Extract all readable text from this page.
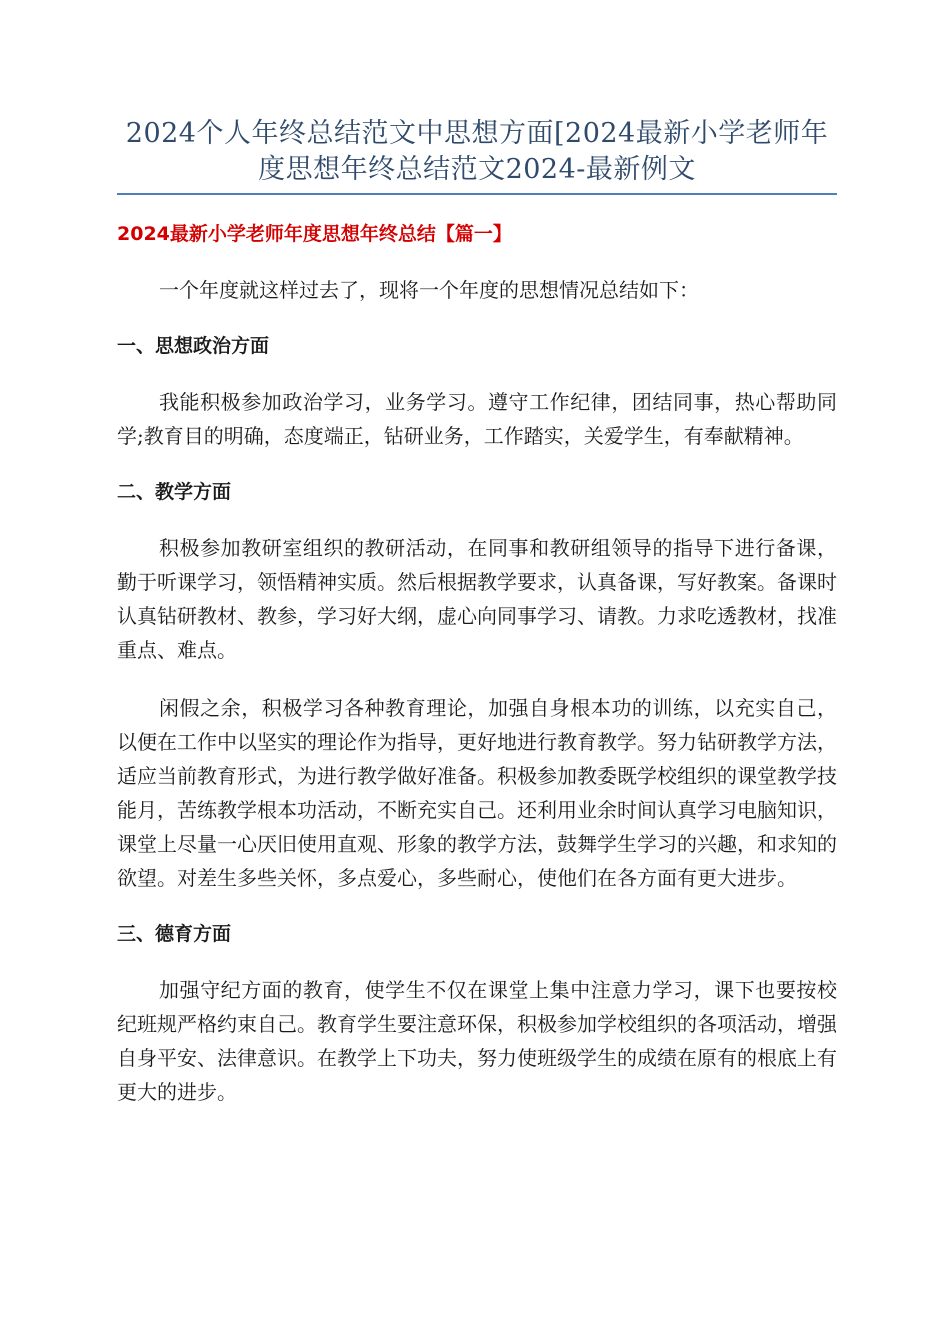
2024个人年终总结范文中思想方面[2024最新小学老师年度思想年终总结范文2024-最新例文

2024最新小学老师年度思想年终总结【篇一】

一个年度就这样过去了，现将一个年度的思想情况总结如下：

一、思想政治方面

我能积极参加政治学习，业务学习。遵守工作纪律，团结同事，热心帮助同学;教育目的明确，态度端正，钻研业务，工作踏实，关爱学生，有奉献精神。

二、教学方面

积极参加教研室组织的教研活动，在同事和教研组领导的指导下进行备课，勤于听课学习，领悟精神实质。然后根据教学要求，认真备课，写好教案。备课时认真钻研教材、教参，学习好大纲，虚心向同事学习、请教。力求吃透教材，找准重点、难点。

闲假之余，积极学习各种教育理论，加强自身根本功的训练，以充实自己，以便在工作中以坚实的理论作为指导，更好地进行教育教学。努力钻研教学方法，适应当前教育形式，为进行教学做好准备。积极参加教委既学校组织的课堂教学技能月，苦练教学根本功活动，不断充实自己。还利用业余时间认真学习电脑知识，课堂上尽量一心厌旧使用直观、形象的教学方法，鼓舞学生学习的兴趣，和求知的欲望。对差生多些关怀，多点爱心，多些耐心，使他们在各方面有更大进步。

三、德育方面

加强守纪方面的教育，使学生不仅在课堂上集中注意力学习，课下也要按校纪班规严格约束自己。教育学生要注意环保，积极参加学校组织的各项活动，增强自身平安、法律意识。在教学上下功夫，努力使班级学生的成绩在原有的根底上有更大的进步。
